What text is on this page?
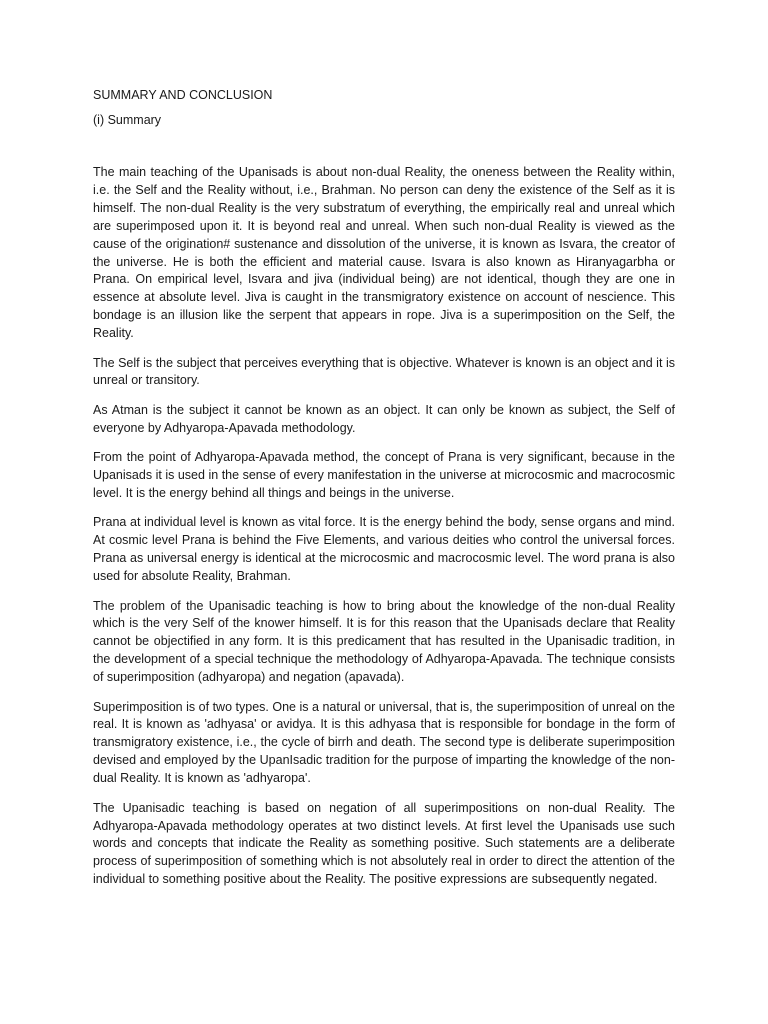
SUMMARY AND CONCLUSION

(i) Summary

The main teaching of the Upanisads is about non-dual Reality, the oneness between the Reality within, i.e. the Self and the Reality without, i.e., Brahman. No person can deny the existence of the Self as it is himself. The non-dual Reality is the very substratum of everything, the empirically real and unreal which are superimposed upon it. It is beyond real and unreal. When such non-dual Reality is viewed as the cause of the origination# sustenance and dissolution of the universe, it is known as Isvara, the creator of the universe. He is both the efficient and material cause. Isvara is also known as Hiranyagarbha or Prana. On empirical level, Isvara and jiva (individual being) are not identical, though they are one in essence at absolute level. Jiva is caught in the transmigratory existence on account of nescience. This bondage is an illusion like the serpent that appears in rope. Jiva is a superimposition on the Self, the Reality.

The Self is the subject that perceives everything that is objective. Whatever is known is an object and it is unreal or transitory.

As Atman is the subject it cannot be known as an object. It can only be known as subject, the Self of everyone by Adhyaropa-Apavada methodology.

From the point of Adhyaropa-Apavada method, the concept of Prana is very significant, because in the Upanisads it is used in the sense of every manifestation in the universe at microcosmic and macrocosmic level. It is the energy behind all things and beings in the universe.

Prana at individual level is known as vital force. It is the energy behind the body, sense organs and mind. At cosmic level Prana is behind the Five Elements, and various deities who control the universal forces. Prana as universal energy is identical at the microcosmic and macrocosmic level. The word prana is also used for absolute Reality, Brahman.

The problem of the Upanisadic teaching is how to bring about the knowledge of the non-dual Reality which is the very Self of the knower himself. It is for this reason that the Upanisads declare that Reality cannot be objectified in any form. It is this predicament that has resulted in the Upanisadic tradition, in the development of a special technique the methodology of Adhyaropa-Apavada. The technique consists of superimposition (adhyaropa) and negation (apavada).

Superimposition is of two types. One is a natural or universal, that is, the superimposition of unreal on the real. It is known as 'adhyasa' or avidya. It is this adhyasa that is responsible for bondage in the form of transmigratory existence, i.e., the cycle of birrh and death. The second type is deliberate superimposition devised and employed by the UpanIsadic tradition for the purpose of imparting the knowledge of the non-dual Reality. It is known as 'adhyaropa'.

The Upanisadic teaching is based on negation of all superimpositions on non-dual Reality. The Adhyaropa-Apavada methodology operates at two distinct levels. At first level the Upanisads use such words and concepts that indicate the Reality as something positive. Such statements are a deliberate process of superimposition of something which is not absolutely real in order to direct the attention of the individual to something positive about the Reality. The positive expressions are subsequently negated.
